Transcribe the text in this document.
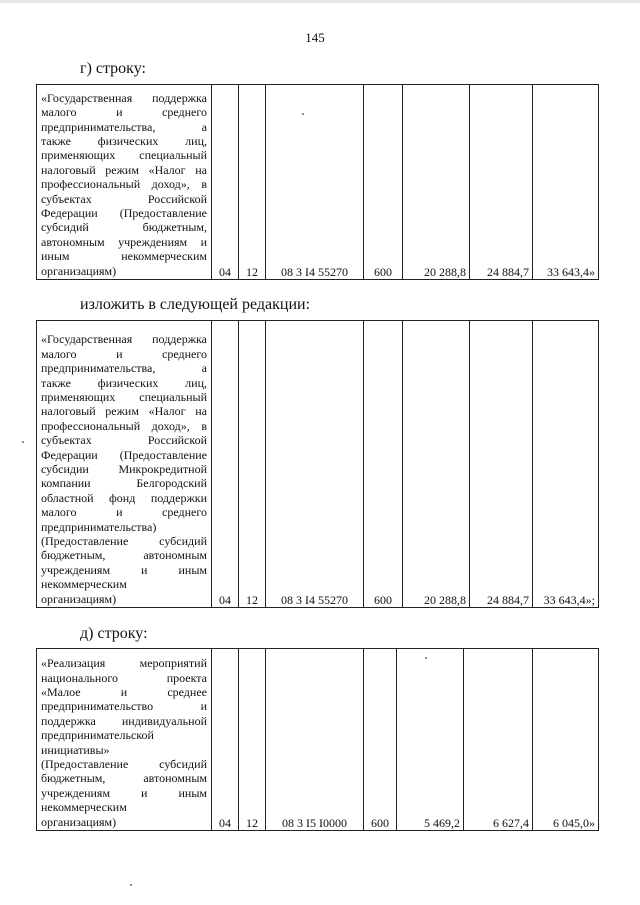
145
г) строку:
«Государственная поддержка
малого и среднего
предпринимательства, а
также физических лиц,
применяющих специальный
налоговый режим «Налог на
профессиональный доход», в
субъектах Российской
Федерации (Предоставление
субсидий бюджетным,
автономным учреждениям и
иным некоммерческим
организациям)	04	12	08 3 I4 55270	600	20 288,8	24 884,7	33 643,4»
изложить в следующей редакции:
«Государственная поддержка
малого и среднего
предпринимательства, а
также физических лиц,
применяющих специальный
налоговый режим «Налог на
профессиональный доход», в
субъектах Российской
Федерации (Предоставление
субсидии Микрокредитной
компании Белгородский
областной фонд поддержки
малого и среднего
предпринимательства)
(Предоставление субсидий
бюджетным, автономным
учреждениям и иным
некоммерческим
организациям)	04	12	08 3 I4 55270	600	20 288,8	24 884,7	33 643,4»;
д) строку:
«Реализация мероприятий
национального проекта
«Малое и среднее
предпринимательство и
поддержка индивидуальной
предпринимательской
инициативы»
(Предоставление субсидий
бюджетным, автономным
учреждениям и иным
некоммерческим
организациям)	04	12	08 3 I5 I0000	600	5 469,2	6 627,4	6 045,0»
